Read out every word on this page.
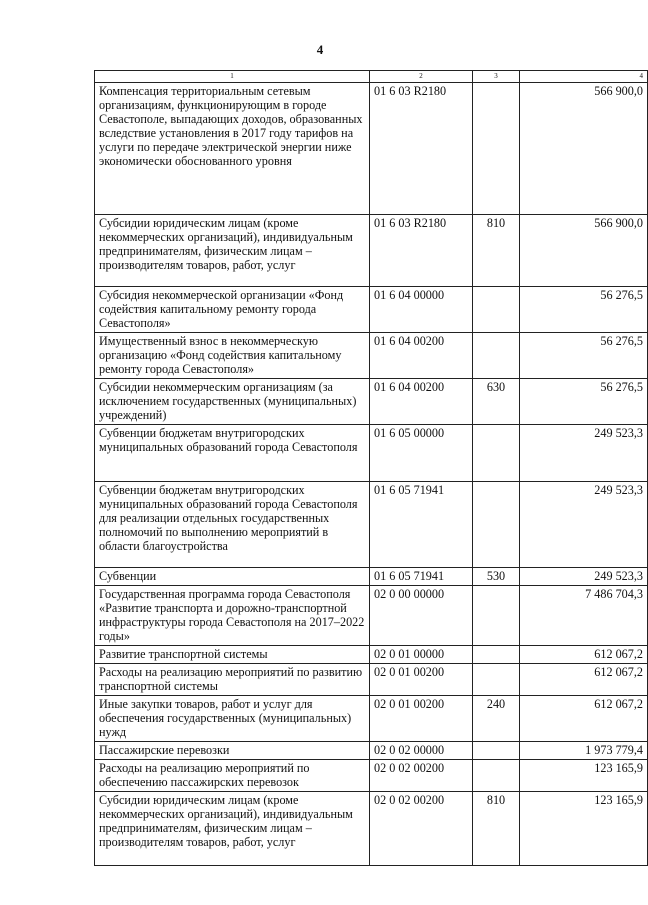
4
1	2	3	4
Компенсация территориальным сетевым организациям, функционирующим в городе Севастополе, выпадающих доходов, образованных вследствие установления в 2017 году тарифов на услуги по передаче электрической энергии ниже экономически обоснованного уровня	01 6 03 R2180		566 900,0
Субсидии юридическим лицам (кроме некоммерческих организаций), индивидуальным предпринимателям, физическим лицам – производителям товаров, работ, услуг	01 6 03 R2180	810	566 900,0
Субсидия некоммерческой организации «Фонд содействия капитальному ремонту города Севастополя»	01 6 04 00000		56 276,5
Имущественный взнос в некоммерческую организацию «Фонд содействия капитальному ремонту города Севастополя»	01 6 04 00200		56 276,5
Субсидии некоммерческим организациям (за исключением государственных (муниципальных) учреждений)	01 6 04 00200	630	56 276,5
Субвенции бюджетам внутригородских муниципальных образований города Севастополя	01 6 05 00000		249 523,3
Субвенции бюджетам внутригородских муниципальных образований города Севастополя для реализации отдельных государственных полномочий по выполнению мероприятий в области благоустройства	01 6 05 71941		249 523,3
Субвенции	01 6 05 71941	530	249 523,3
Государственная программа города Севастополя «Развитие транспорта и дорожно-транспортной инфраструктуры города Севастополя на 2017–2022 годы»	02 0 00 00000		7 486 704,3
Развитие транспортной системы	02 0 01 00000		612 067,2
Расходы на реализацию мероприятий по развитию транспортной системы	02 0 01 00200		612 067,2
Иные закупки товаров, работ и услуг для обеспечения государственных (муниципальных) нужд	02 0 01 00200	240	612 067,2
Пассажирские перевозки	02 0 02 00000		1 973 779,4
Расходы на реализацию мероприятий по обеспечению пассажирских перевозок	02 0 02 00200		123 165,9
Субсидии юридическим лицам (кроме некоммерческих организаций), индивидуальным предпринимателям, физическим лицам – производителям товаров, работ, услуг	02 0 02 00200	810	123 165,9
